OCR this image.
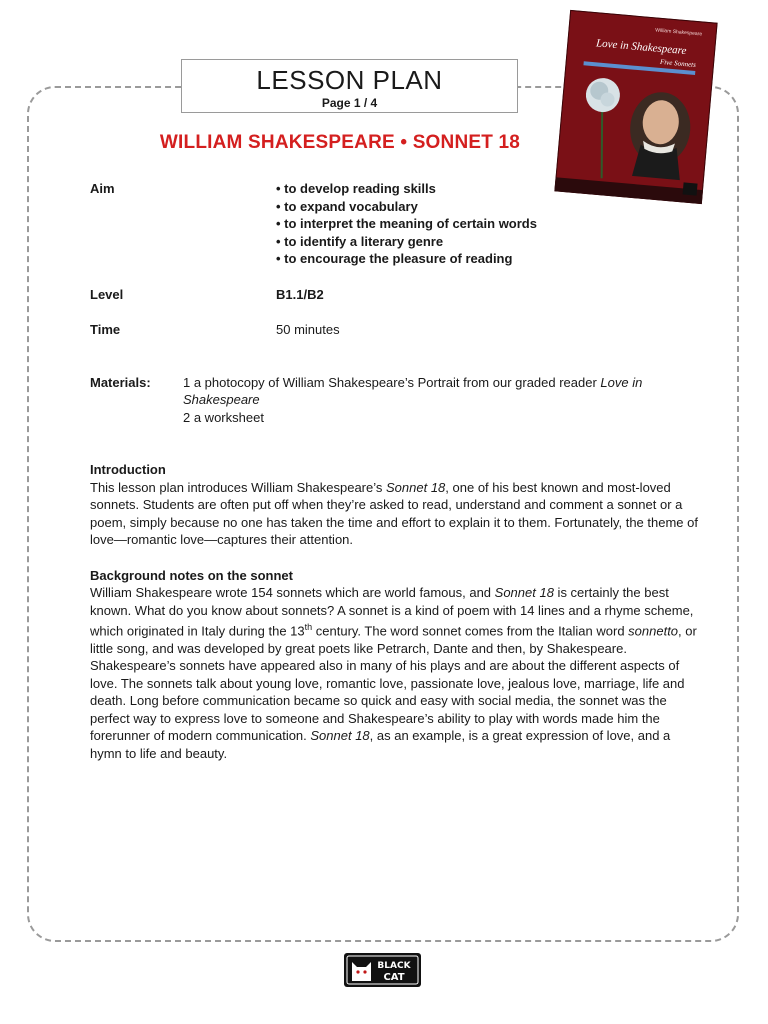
LESSON PLAN
Page 1 / 4
William Shakespeare
Love in Shakespeare
Five Sonnets
WILLIAM SHAKESPEARE • SONNET 18
Aim	• to develop reading skills
• to expand vocabulary
• to interpret the meaning of certain words
• to identify a literary genre
• to encourage the pleasure of reading
Level	B1.1/B2
Time	50 minutes
Materials:	1 a photocopy of William Shakespeare’s Portrait from our graded reader Love in Shakespeare
2 a worksheet
Introduction

This lesson plan introduces William Shakespeare’s Sonnet 18, one of his best known and most-loved sonnets. Students are often put off when they’re asked to read, understand and comment a sonnet or a poem, simply because no one has taken the time and effort to explain it to them. Fortunately, the theme of love—romantic love—captures their attention.

Background notes on the sonnet

William Shakespeare wrote 154 sonnets which are world famous, and Sonnet 18 is certainly the best known. What do you know about sonnets? A sonnet is a kind of poem with 14 lines and a rhyme scheme, which originated in Italy during the 13th century. The word sonnet comes from the Italian word sonnetto, or little song, and was developed by great poets like Petrarch, Dante and then, by Shakespeare.

Shakespeare’s sonnets have appeared also in many of his plays and are about the different aspects of love. The sonnets talk about young love, romantic love, passionate love, jealous love, marriage, life and death. Long before communication became so quick and easy with social media, the sonnet was the perfect way to express love to someone and Shakespeare’s ability to play with words made him the forerunner of modern communication. Sonnet 18, as an example, is a great expression of love, and a hymn to life and beauty.

BLACK
CAT
